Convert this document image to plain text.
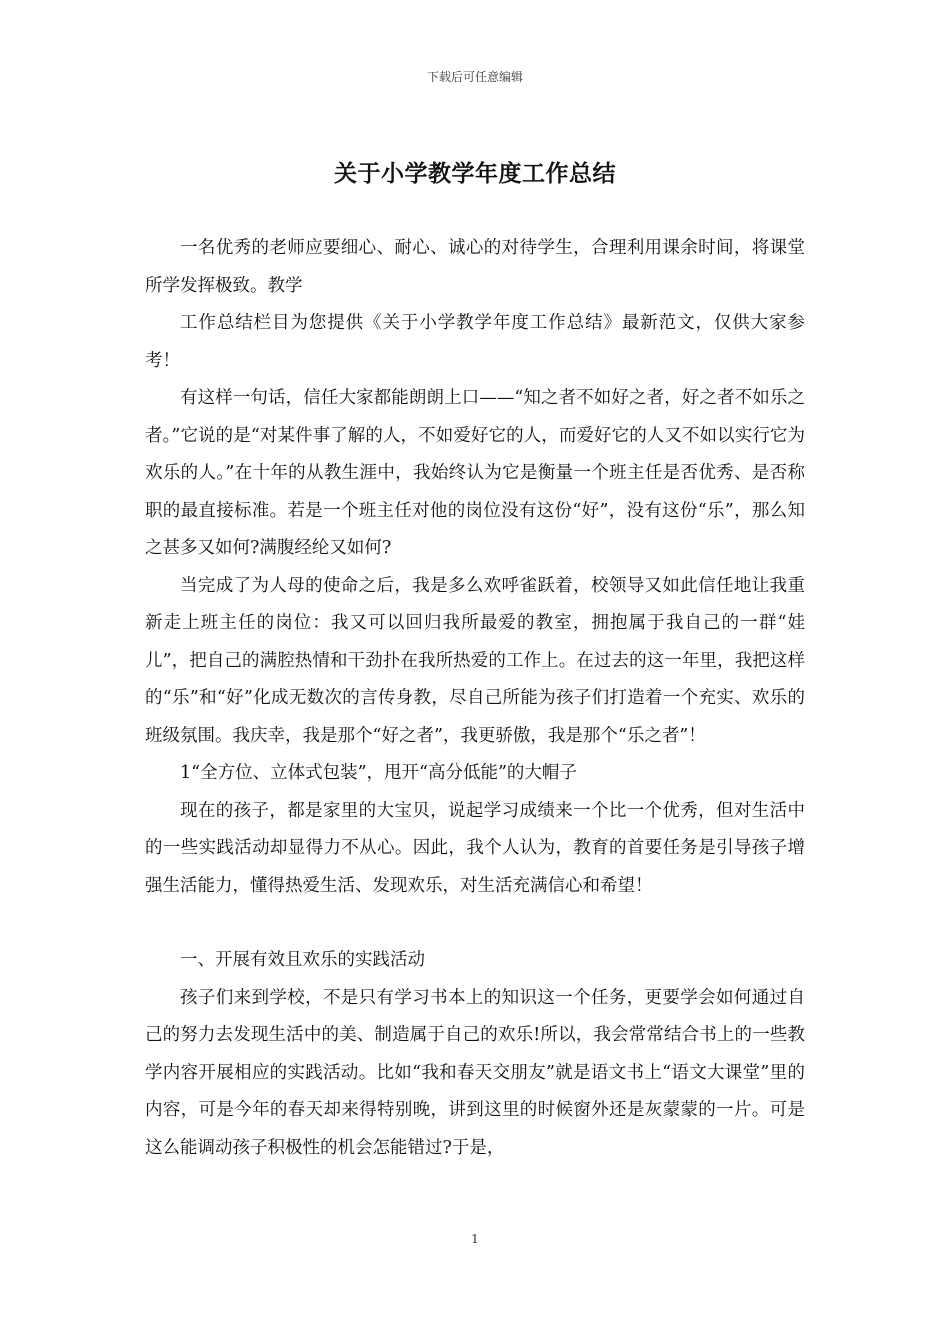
下载后可任意编辑
关于小学教学年度工作总结

一名优秀的老师应要细心、耐心、诚心的对待学生，合理利用课余时间，将课堂所学发挥极致。教学

工作总结栏目为您提供《关于小学教学年度工作总结》最新范文，仅供大家参考！

有这样一句话，信任大家都能朗朗上口——“知之者不如好之者，好之者不如乐之者。”它说的是“对某件事了解的人，不如爱好它的人，而爱好它的人又不如以实行它为欢乐的人。”在十年的从教生涯中，我始终认为它是衡量一个班主任是否优秀、是否称职的最直接标准。若是一个班主任对他的岗位没有这份“好”，没有这份“乐”，那么知之甚多又如何?满腹经纶又如何?

当完成了为人母的使命之后，我是多么欢呼雀跃着，校领导又如此信任地让我重新走上班主任的岗位：我又可以回归我所最爱的教室，拥抱属于我自己的一群“娃儿”，把自己的满腔热情和干劲扑在我所热爱的工作上。在过去的这一年里，我把这样的“乐”和“好”化成无数次的言传身教，尽自己所能为孩子们打造着一个充实、欢乐的班级氛围。我庆幸，我是那个“好之者”，我更骄傲，我是那个“乐之者”！

1“全方位、立体式包装”，甩开“高分低能”的大帽子

现在的孩子，都是家里的大宝贝，说起学习成绩来一个比一个优秀，但对生活中的一些实践活动却显得力不从心。因此，我个人认为，教育的首要任务是引导孩子增强生活能力，懂得热爱生活、发现欢乐，对生活充满信心和希望！

一、开展有效且欢乐的实践活动

孩子们来到学校，不是只有学习书本上的知识这一个任务，更要学会如何通过自己的努力去发现生活中的美、制造属于自己的欢乐!所以，我会常常结合书上的一些教学内容开展相应的实践活动。比如“我和春天交朋友”就是语文书上“语文大课堂”里的内容，可是今年的春天却来得特别晚，讲到这里的时候窗外还是灰蒙蒙的一片。可是这么能调动孩子积极性的机会怎能错过?于是，

1
